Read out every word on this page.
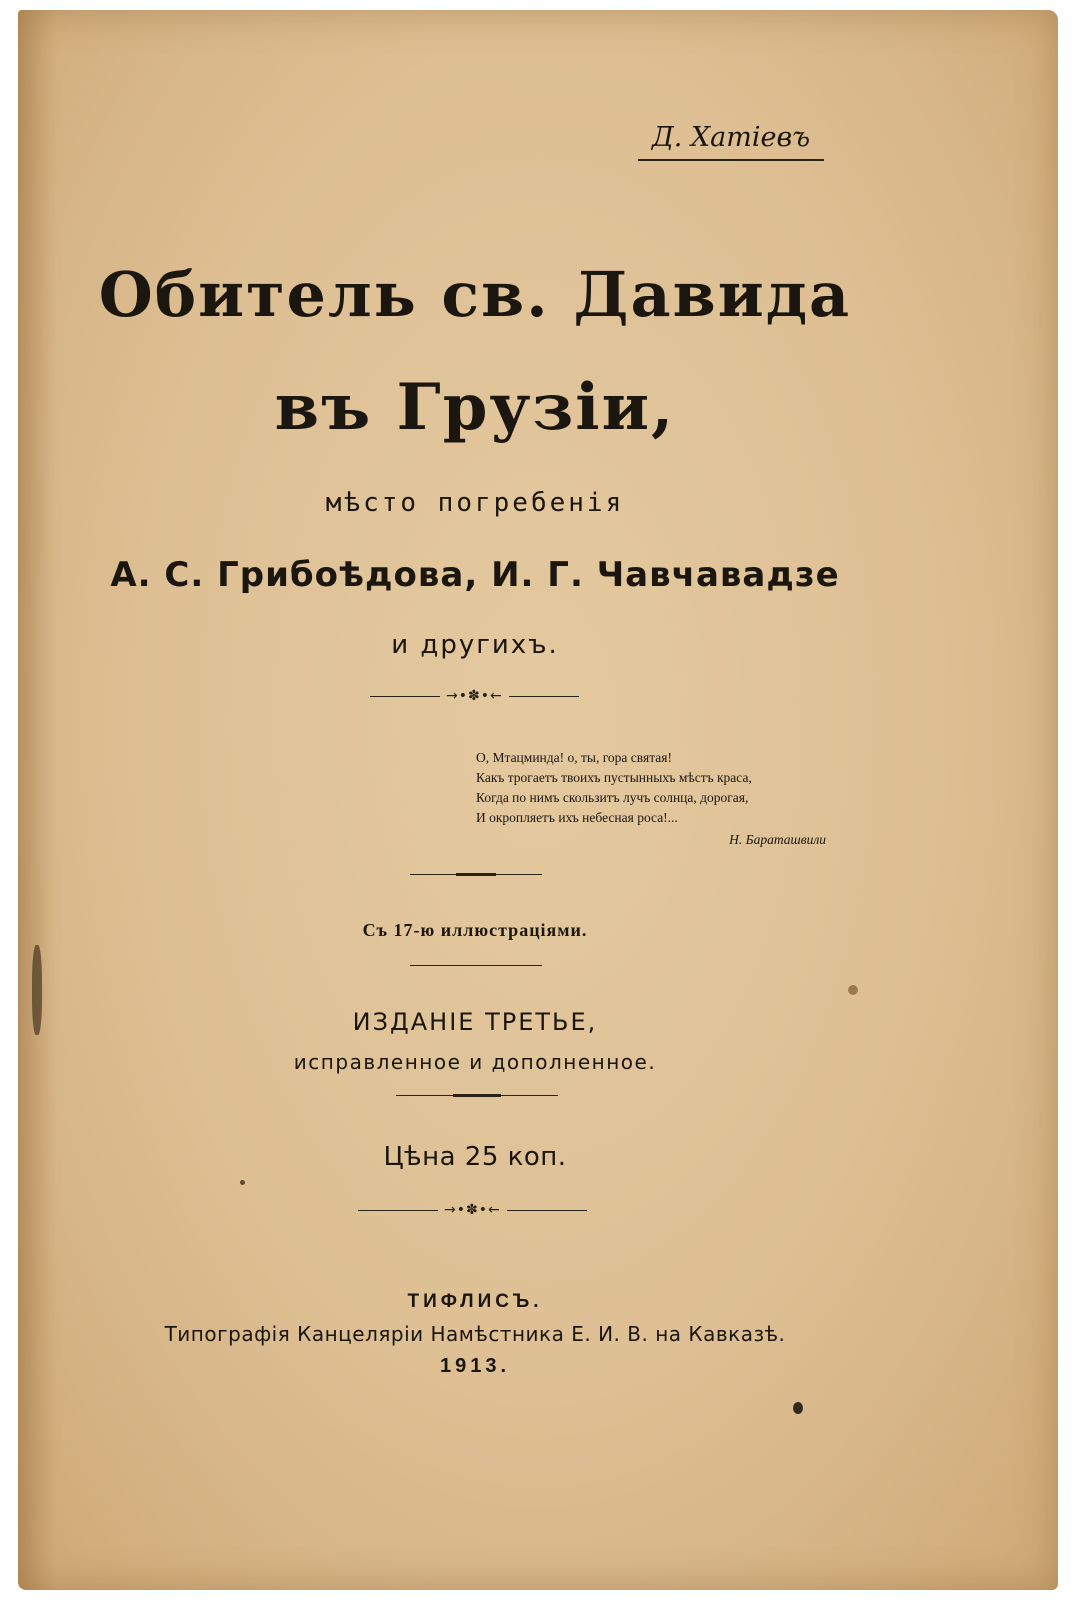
Д. Хатiевъ

Обитель св. Давида

въ Грузiи,

мѣсто погребенiя

А. С. Грибоѣдова, И. Г. Чавчавадзе

и другихъ.

→•✽•←
О, Мтацминда! о, ты, гора святая!
Какъ трогаетъ твоихъ пустынныхъ мѣстъ краса,
Когда по нимъ скользитъ лучъ солнца, дорогая,
И окропляетъ ихъ небесная роса!...
Н. Бараташвили

Съ 17-ю иллюстрацiями.

ИЗДАНIЕ ТРЕТЬЕ,

исправленное и дополненное.

Цѣна 25 коп.

→•✽•←

ТИФЛИСЪ.

Типографiя Канцелярiи Намѣстника Е. И. В. на Кавказѣ.

1913.
